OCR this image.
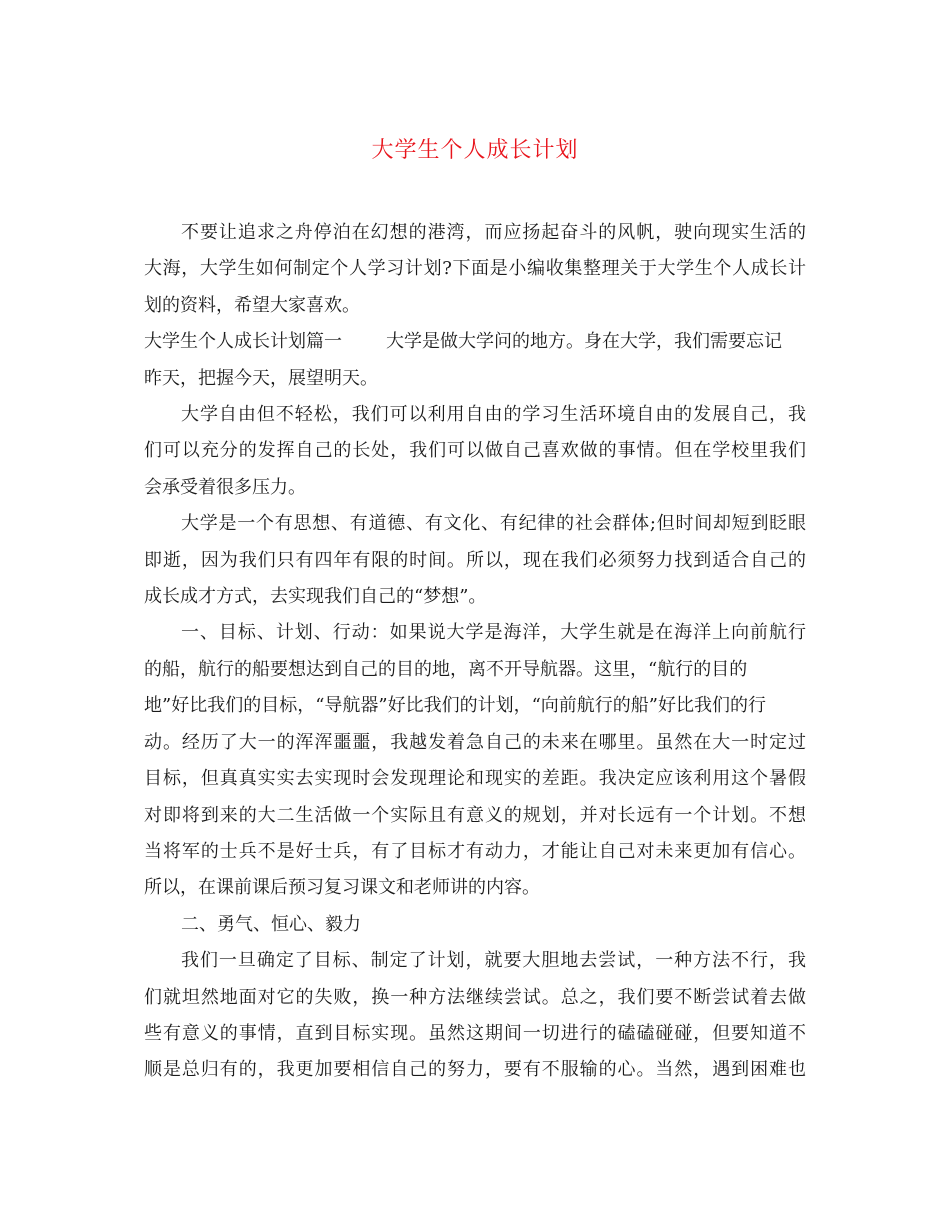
大学生个人成长计划
不要让追求之舟停泊在幻想的港湾，而应扬起奋斗的风帆，驶向现实生活的
大海，大学生如何制定个人学习计划?下面是小编收集整理关于大学生个人成长计
划的资料，希望大家喜欢。
大学生个人成长计划篇一 大学是做大学问的地方。身在大学，我们需要忘记
昨天，把握今天，展望明天。
大学自由但不轻松，我们可以利用自由的学习生活环境自由的发展自己，我
们可以充分的发挥自己的长处，我们可以做自己喜欢做的事情。但在学校里我们
会承受着很多压力。
大学是一个有思想、有道德、有文化、有纪律的社会群体;但时间却短到眨眼
即逝，因为我们只有四年有限的时间。所以，现在我们必须努力找到适合自己的
成长成才方式，去实现我们自己的“梦想”。
一、目标、计划、行动：如果说大学是海洋，大学生就是在海洋上向前航行
的船，航行的船要想达到自己的目的地，离不开导航器。这里，“航行的目的
地”好比我们的目标，“导航器”好比我们的计划，“向前航行的船”好比我们的行
动。经历了大一的浑浑噩噩，我越发着急自己的未来在哪里。虽然在大一时定过
目标，但真真实实去实现时会发现理论和现实的差距。我决定应该利用这个暑假
对即将到来的大二生活做一个实际且有意义的规划，并对长远有一个计划。不想
当将军的士兵不是好士兵，有了目标才有动力，才能让自己对未来更加有信心。
所以，在课前课后预习复习课文和老师讲的内容。
二、勇气、恒心、毅力
我们一旦确定了目标、制定了计划，就要大胆地去尝试，一种方法不行，我
们就坦然地面对它的失败，换一种方法继续尝试。总之，我们要不断尝试着去做
些有意义的事情，直到目标实现。虽然这期间一切进行的磕磕碰碰，但要知道不
顺是总归有的，我更加要相信自己的努力，要有不服输的心。当然，遇到困难也
